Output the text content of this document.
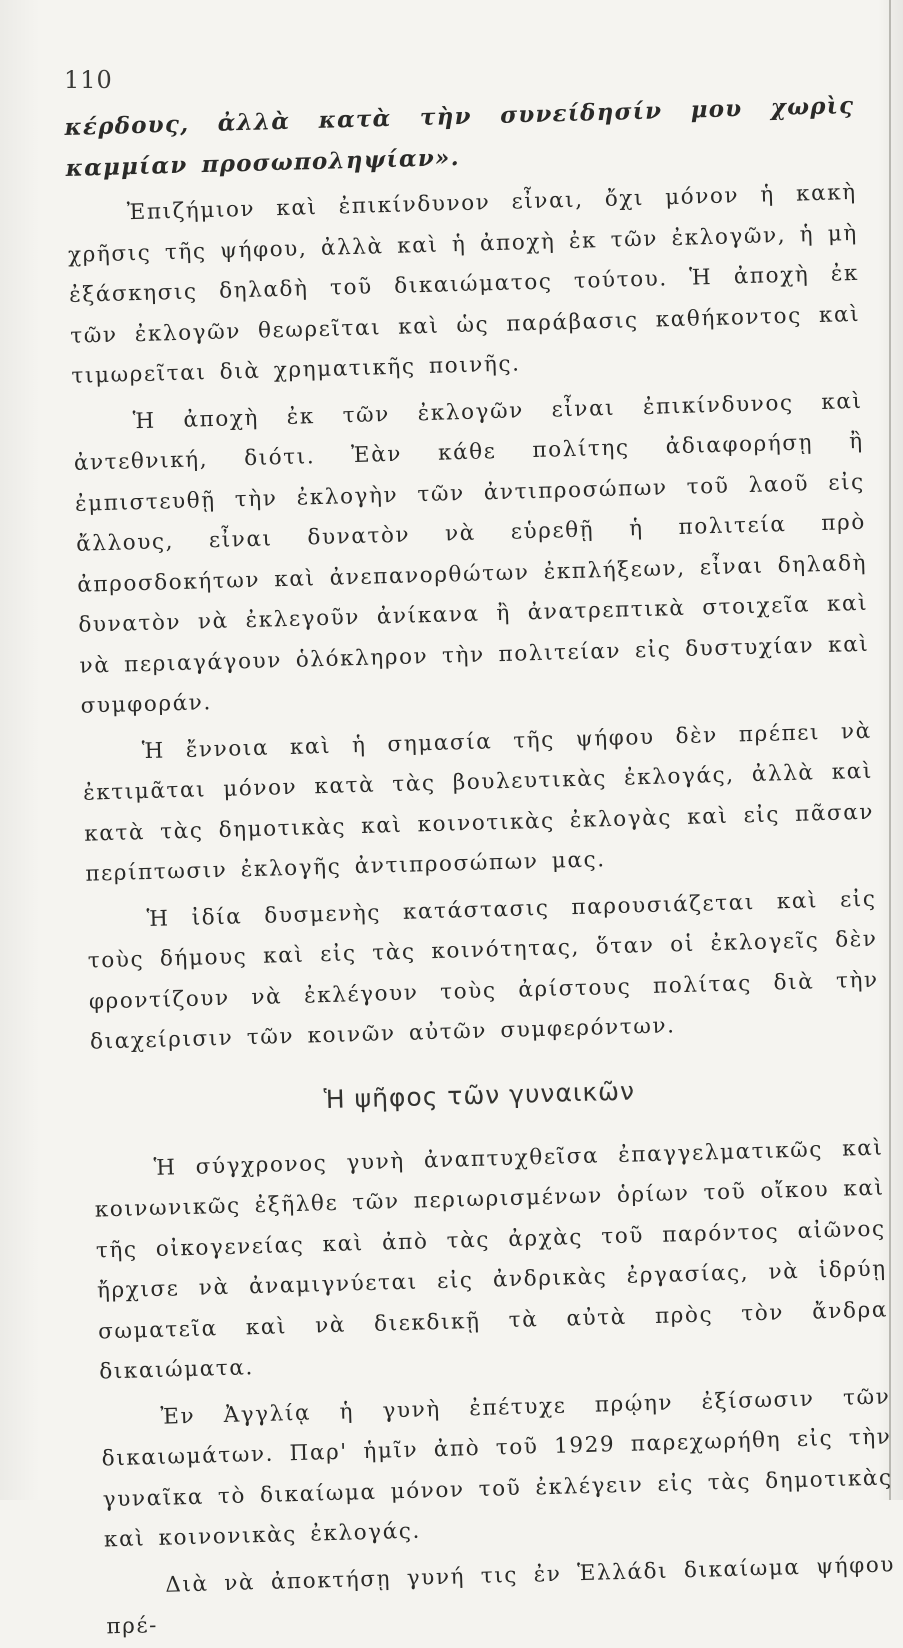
110

κέρδους, ἀλλὰ κατὰ τὴν συνείδησίν μου χωρὶς καμμίαν προσωποληψίαν».

Ἐπιζήμιον καὶ ἐπικίνδυνον εἶναι, ὄχι μόνον ἡ κακὴ χρῆσις τῆς ψήφου, ἀλλὰ καὶ ἡ ἀποχὴ ἐκ τῶν ἐκλογῶν, ἡ μὴ ἐξάσκησις δηλαδὴ τοῦ δικαιώματος τούτου. Ἡ ἀποχὴ ἐκ τῶν ἐκλογῶν θεωρεῖται καὶ ὡς παράβασις καθήκοντος καὶ τιμωρεῖται διὰ χρηματικῆς ποινῆς.

Ἡ ἀποχὴ ἐκ τῶν ἐκλογῶν εἶναι ἐπικίνδυνος καὶ ἀντεθνική, διότι. Ἐὰν κάθε πολίτης ἀδιαφορήσῃ ἢ ἐμπιστευθῇ τὴν ἐκλογὴν τῶν ἀντιπροσώπων τοῦ λαοῦ εἰς ἄλλους, εἶναι δυνατὸν νὰ εὑρεθῇ ἡ πολιτεία πρὸ ἀπροσδοκήτων καὶ ἀνεπανορθώτων ἐκπλήξεων, εἶναι δηλαδὴ δυνατὸν νὰ ἐκλεγοῦν ἀνίκανα ἢ ἀνατρεπτικὰ στοιχεῖα καὶ νὰ περιαγάγουν ὁλόκληρον τὴν πολιτείαν εἰς δυστυχίαν καὶ συμφοράν.

Ἡ ἔννοια καὶ ἡ σημασία τῆς ψήφου δὲν πρέπει νὰ ἐκτιμᾶται μόνον κατὰ τὰς βουλευτικὰς ἐκλογάς, ἀλλὰ καὶ κατὰ τὰς δημοτικὰς καὶ κοινοτικὰς ἐκλογὰς καὶ εἰς πᾶσαν περίπτωσιν ἐκλογῆς ἀντιπροσώπων μας.

Ἡ ἰδία δυσμενὴς κατάστασις παρουσιάζεται καὶ εἰς τοὺς δήμους καὶ εἰς τὰς κοινότητας, ὅταν οἱ ἐκλογεῖς δὲν φροντίζουν νὰ ἐκλέγουν τοὺς ἀρίστους πολίτας διὰ τὴν διαχείρισιν τῶν κοινῶν αὐτῶν συμφερόντων.

Ἡ ψῆφος τῶν γυναικῶν

Ἡ σύγχρονος γυνὴ ἀναπτυχθεῖσα ἐπαγγελματικῶς καὶ κοινωνικῶς ἐξῆλθε τῶν περιωρισμένων ὁρίων τοῦ οἴκου καὶ τῆς οἰκογενείας καὶ ἀπὸ τὰς ἀρχὰς τοῦ παρόντος αἰῶνος ἤρχισε νὰ ἀναμιγνύεται εἰς ἀνδρικὰς ἐργασίας, νὰ ἱδρύῃ σωματεῖα καὶ νὰ διεκδικῇ τὰ αὐτὰ πρὸς τὸν ἄνδρα δικαιώματα.

Ἐν Ἀγγλίᾳ ἡ γυνὴ ἐπέτυχε πρῴην ἐξίσωσιν τῶν δικαιωμάτων. Παρ' ἡμῖν ἀπὸ τοῦ 1929 παρεχωρήθη εἰς τὴν γυναῖκα τὸ δικαίωμα μόνον τοῦ ἐκλέγειν εἰς τὰς δημοτικὰς καὶ κοινονικὰς ἐκλογάς.

Διὰ νὰ ἀποκτήσῃ γυνή τις ἐν Ἑλλάδι δικαίωμα ψήφου πρέ-
